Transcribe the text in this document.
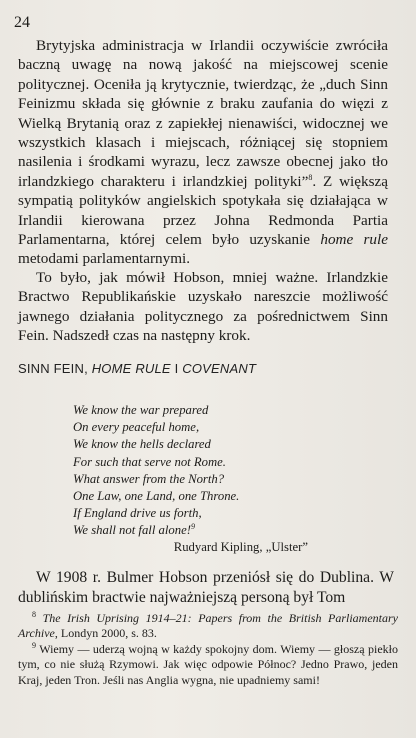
24

Brytyjska administracja w Irlandii oczywiście zwróciła baczną uwagę na nową jakość na miejscowej scenie politycznej. Oceniła ją krytycznie, twierdząc, że „duch Sinn Feinizmu składa się głównie z braku zaufania do więzi z Wielką Brytanią oraz z zapiekłej nienawiści, widocznej we wszystkich klasach i miejscach, różniącej się stopniem nasilenia i środkami wyrazu, lecz zawsze obecnej jako tło irlandzkiego charakteru i irlandzkiej polityki”$^8$. Z większą sympatią polityków angielskich spotykała się działająca w Irlandii kierowana przez Johna Redmonda Partia Parlamentarna, której celem było uzyskanie home rule metodami parlamentarnymi.

To było, jak mówił Hobson, mniej ważne. Irlandzkie Bractwo Republikańskie uzyskało nareszcie możliwość jawnego działania politycznego za pośrednictwem Sinn Fein. Nadszedł czas na następny krok.

SINN FEIN, HOME RULE I COVENANT
We know the war prepared
On every peaceful home,
We know the hells declared
For such that serve not Rome.
What answer from the North?
One Law, one Land, one Throne.
If England drive us forth,
We shall not fall alone!$^9$
Rudyard Kipling, „Ulster”

W 1908 r. Bulmer Hobson przeniósł się do Dublina. W dublińskim bractwie najważniejszą personą był Tom

$^8$ The Irish Uprising 1914–21: Papers from the British Parliamentary Archive, Londyn 2000, s. 83.

$^9$ Wiemy — uderzą wojną w każdy spokojny dom. Wiemy — głoszą piekło tym, co nie służą Rzymowi. Jak więc odpowie Północ? Jedno Prawo, jeden Kraj, jeden Tron. Jeśli nas Anglia wygna, nie upadniemy sami!
